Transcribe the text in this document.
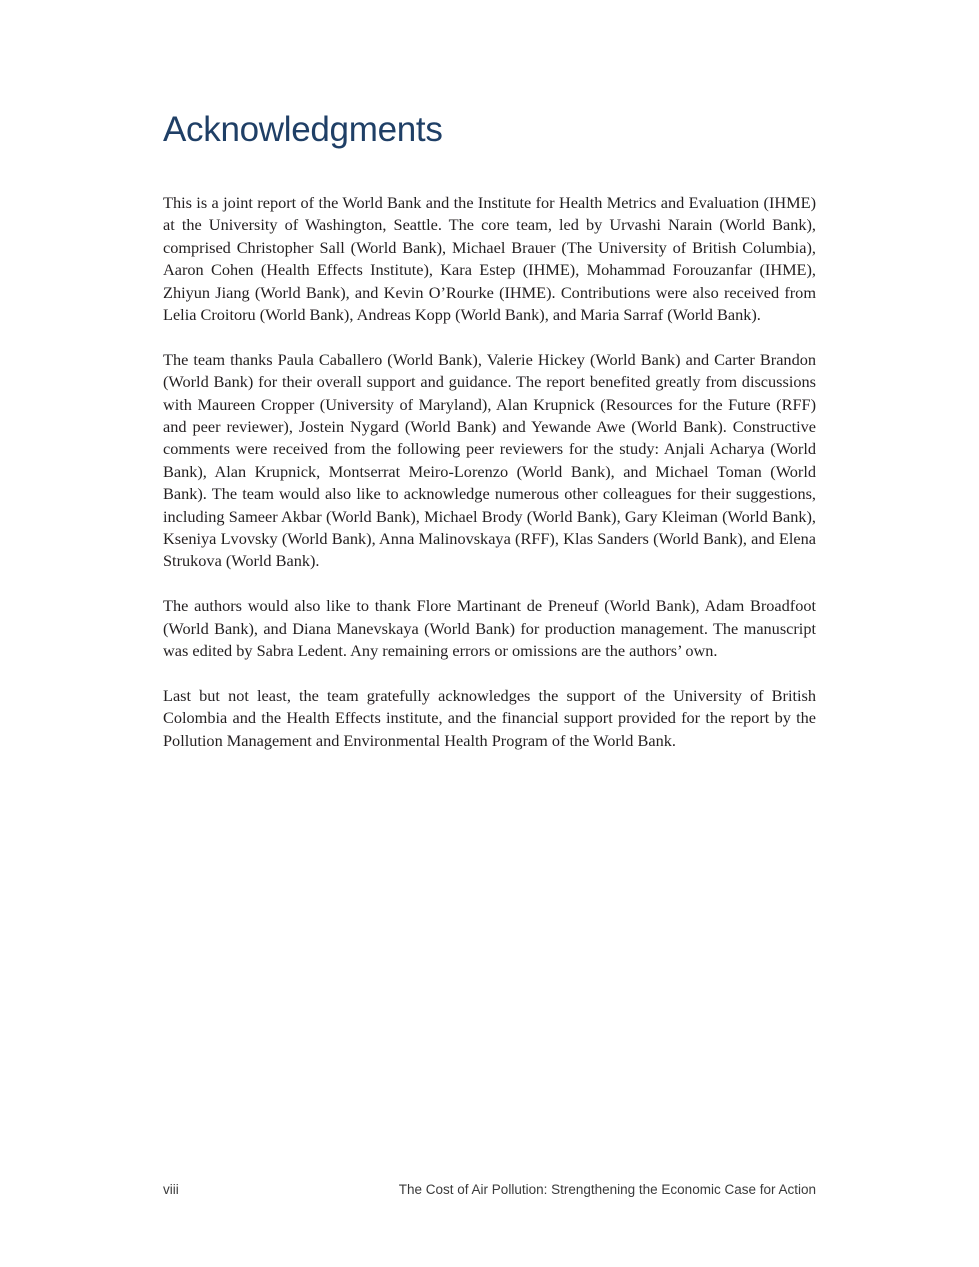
Acknowledgments

This is a joint report of the World Bank and the Institute for Health Metrics and Evaluation (IHME) at the University of Washington, Seattle. The core team, led by Urvashi Narain (World Bank), comprised Christopher Sall (World Bank), Michael Brauer (The University of British Columbia), Aaron Cohen (Health Effects Institute), Kara Estep (IHME), Mohammad Forouzanfar (IHME), Zhiyun Jiang (World Bank), and Kevin O’Rourke (IHME). Contributions were also received from Lelia Croitoru (World Bank), Andreas Kopp (World Bank), and Maria Sarraf (World Bank).

The team thanks Paula Caballero (World Bank), Valerie Hickey (World Bank) and Carter Brandon (World Bank) for their overall support and guidance. The report benefited greatly from discussions with Maureen Cropper (University of Maryland), Alan Krupnick (Resources for the Future (RFF) and peer reviewer), Jostein Nygard (World Bank) and Yewande Awe (World Bank). Constructive comments were received from the following peer reviewers for the study: Anjali Acharya (World Bank), Alan Krupnick, Montserrat Meiro-Lorenzo (World Bank), and Michael Toman (World Bank). The team would also like to acknowledge numerous other colleagues for their suggestions, including Sameer Akbar (World Bank), Michael Brody (World Bank), Gary Kleiman (World Bank), Kseniya Lvovsky (World Bank), Anna Malinovskaya (RFF), Klas Sanders (World Bank), and Elena Strukova (World Bank).

The authors would also like to thank Flore Martinant de Preneuf (World Bank), Adam Broadfoot (World Bank), and Diana Manevskaya (World Bank) for production management. The manuscript was edited by Sabra Ledent. Any remaining errors or omissions are the authors’ own.

Last but not least, the team gratefully acknowledges the support of the University of British Colombia and the Health Effects institute, and the financial support provided for the report by the Pollution Management and Environmental Health Program of the World Bank.

viii	The Cost of Air Pollution: Strengthening the Economic Case for Action
